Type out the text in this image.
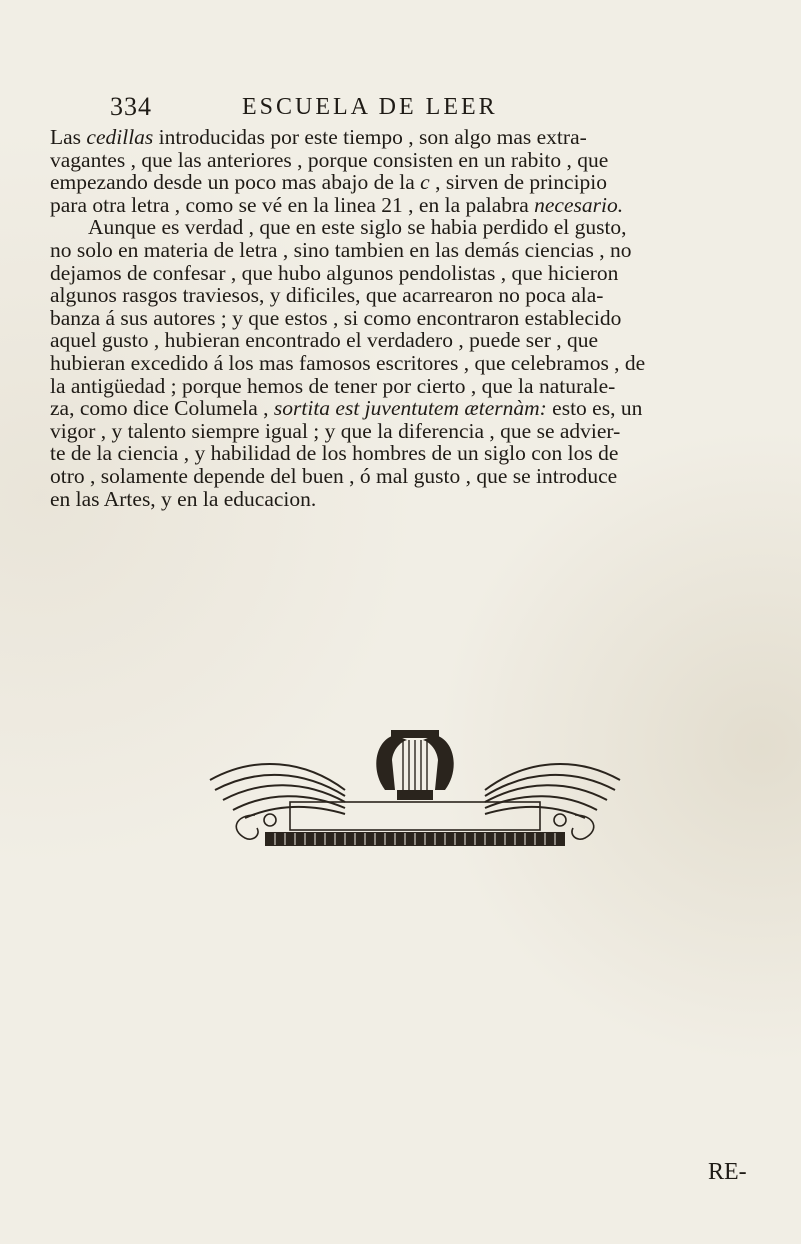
334	ESCUELA DE LEER

Las cedillas introducidas por este tiempo , son algo mas extra-
vagantes , que las anteriores , porque consisten en un rabito , que
empezando desde un poco mas abajo de la c , sirven de principio
para otra letra , como se vé en la linea 21 , en la palabra necesario.

Aunque es verdad , que en este siglo se habia perdido el gusto,
no solo en materia de letra , sino tambien en las demás ciencias , no
dejamos de confesar , que hubo algunos pendolistas , que hicieron
algunos rasgos traviesos, y dificiles, que acarrearon no poca ala-
banza á sus autores ; y que estos , si como encontraron establecido
aquel gusto , hubieran encontrado el verdadero , puede ser , que
hubieran excedido á los mas famosos escritores , que celebramos , de
la antigüedad ; porque hemos de tener por cierto , que la naturale-
za, como dice Columela , sortita est juventutem æternàm: esto es, un
vigor , y talento siempre igual ; y que la diferencia , que se advier-
te de la ciencia , y habilidad de los hombres de un siglo con los de
otro , solamente depende del buen , ó mal gusto , que se introduce
en las Artes, y en la educacion.

RE-
